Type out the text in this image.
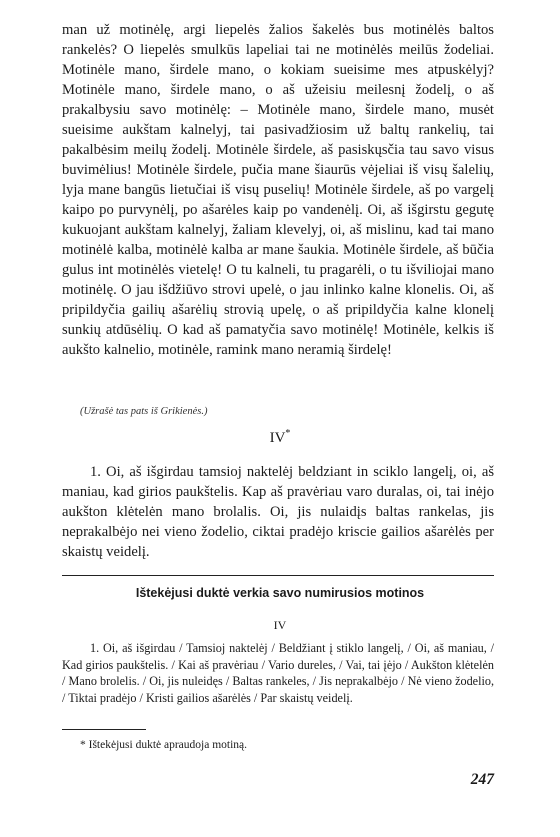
man už motinėlę, argi liepelės žalios šakelės bus motinėlės baltos rankelės? O liepelės smulkūs lapeliai tai ne motinėlės meilūs žodeliai. Motinėle mano, širdele mano, o kokiam sueisime mes atpuskėlyj? Motinėle mano, širdele mano, o aš užeisiu meilesnį žodelį, o aš prakalbysiu savo motinėlę: – Motinėle mano, širdele mano, musėt sueisime aukštam kalnelyj, tai pasivadžiosim už baltų rankelių, tai pakalbėsim meilų žodelį. Motinėle širdele, aš pasiskųsčia tau savo visus buvimėlius! Motinėle širdele, pučia mane šiaurūs vėjeliai iš visų šalelių, lyja mane bangūs lietučiai iš visų puselių! Motinėle širdele, aš po vargelį kaipo po purvynėlį, po ašarėles kaip po vandenėlį. Oi, aš išgirstu gegutę kukuojant aukštam kalnelyj, žaliam klevelyj, oi, aš mislinu, kad tai mano motinėlė kalba, motinėlė kalba ar mane šaukia. Motinėle širdele, aš būčia gulus int motinėlės vietelę! O tu kalneli, tu pragarėli, o tu išviliojai mano motinėlę. O jau išdžiūvo strovi upelė, o jau inlinko kalne klonelis. Oi, aš pripildyčia gailių ašarėlių strovią upelę, o aš pripildyčia kalne klonelį sunkių atdūsėlių. O kad aš pamatyčia savo motinėlę! Motinėle, kelkis iš aukšto kalnelio, motinėle, ramink mano neramią širdelę!

(Užrašė tas pats iš Grikienės.)

IV*

1. Oi, aš išgirdau tamsioj naktelėj beldziant in sciklo langelį, oi, aš maniau, kad girios paukštelis. Kap aš pravėriau varo duralas, oi, tai inėjo aukšton klėtelėn mano brolalis. Oi, jis nulaidįs baltas rankelas, jis neprakalbėjo nei vieno žodelio, ciktai pradėjo kriscie gailios ašarėlės per skaistų veidelį.

Ištekėjusi duktė verkia savo numirusios motinos

IV

1. Oi, aš išgirdau / Tamsioj naktelėj / Beldžiant į stiklo langelį, / Oi, aš maniau, / Kad girios paukštelis. / Kai aš pravėriau / Vario dureles, / Vai, tai įėjo / Aukšton klėtelėn / Mano brolelis. / Oi, jis nuleidęs / Baltas rankeles, / Jis neprakalbėjo / Nė vieno žodelio, / Tiktai pradėjo / Kristi gailios ašarėlės / Par skaistų veidelį.

* Ištekėjusi duktė apraudoja motiną.

247
